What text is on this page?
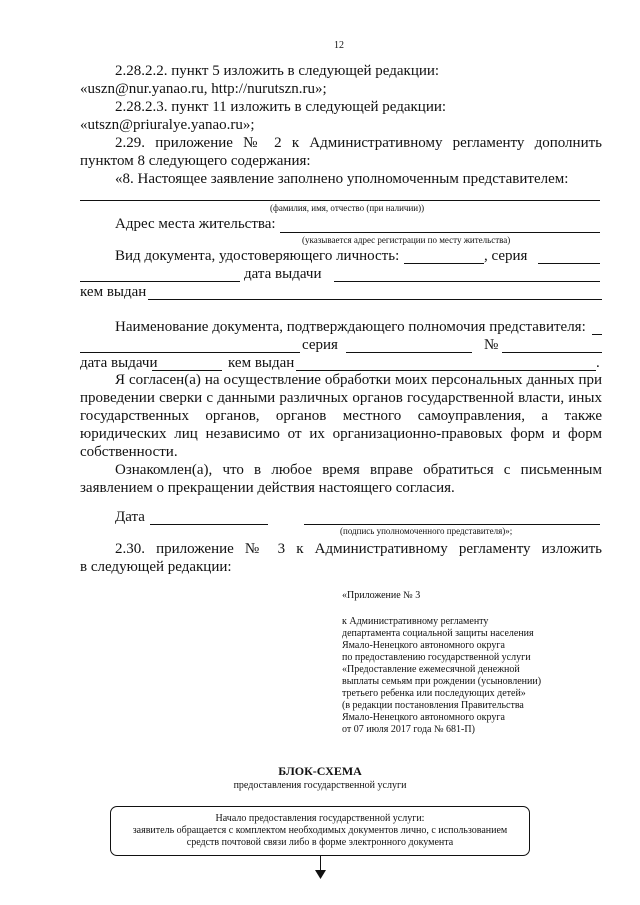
12
2.28.2.2. пункт 5 изложить в следующей редакции:
«uszn@nur.yanao.ru, http://nurutszn.ru»;
2.28.2.3. пункт 11 изложить в следующей редакции:
«utszn@priuralye.yanao.ru»;
2.29. приложение № 2 к Административному регламенту дополнить
пунктом 8 следующего содержания:
«8. Настоящее заявление заполнено уполномоченным представителем:
(фамилия, имя, отчество (при наличии))
Адрес места жительства:
(указывается адрес регистрации по месту жительства)
Вид документа, удостоверяющего личность:	, серия
дата выдачи
кем выдан
Наименование документа, подтверждающего полномочия представителя:
серия	№
дата выдачи	кем выдан	.
Я согласен(а) на осуществление обработки моих персональных данных при
проведении сверки с данными различных органов государственной власти, иных
государственных органов, органов местного самоуправления, а также
юридических лиц независимо от их организационно-правовых форм и форм
собственности.
Ознакомлен(а), что в любое время вправе обратиться с письменным
заявлением о прекращении действия настоящего согласия.
Дата
(подпись уполномоченного представителя)»;
2.30. приложение № 3 к Административному регламенту изложить
в следующей редакции:
«Приложение № 3
к Административному регламенту
департамента социальной защиты населения
Ямало-Ненецкого автономного округа
по предоставлению государственной услуги
«Предоставление ежемесячной денежной
выплаты семьям при рождении (усыновлении)
третьего ребенка или последующих детей»
(в редакции постановления Правительства
Ямало-Ненецкого автономного округа
от 07 июля 2017 года № 681-П)
БЛОК-СХЕМА
предоставления государственной услуги
Начало предоставления государственной услуги:
заявитель обращается с комплектом необходимых документов лично, с использованием
средств почтовой связи либо в форме электронного документа
